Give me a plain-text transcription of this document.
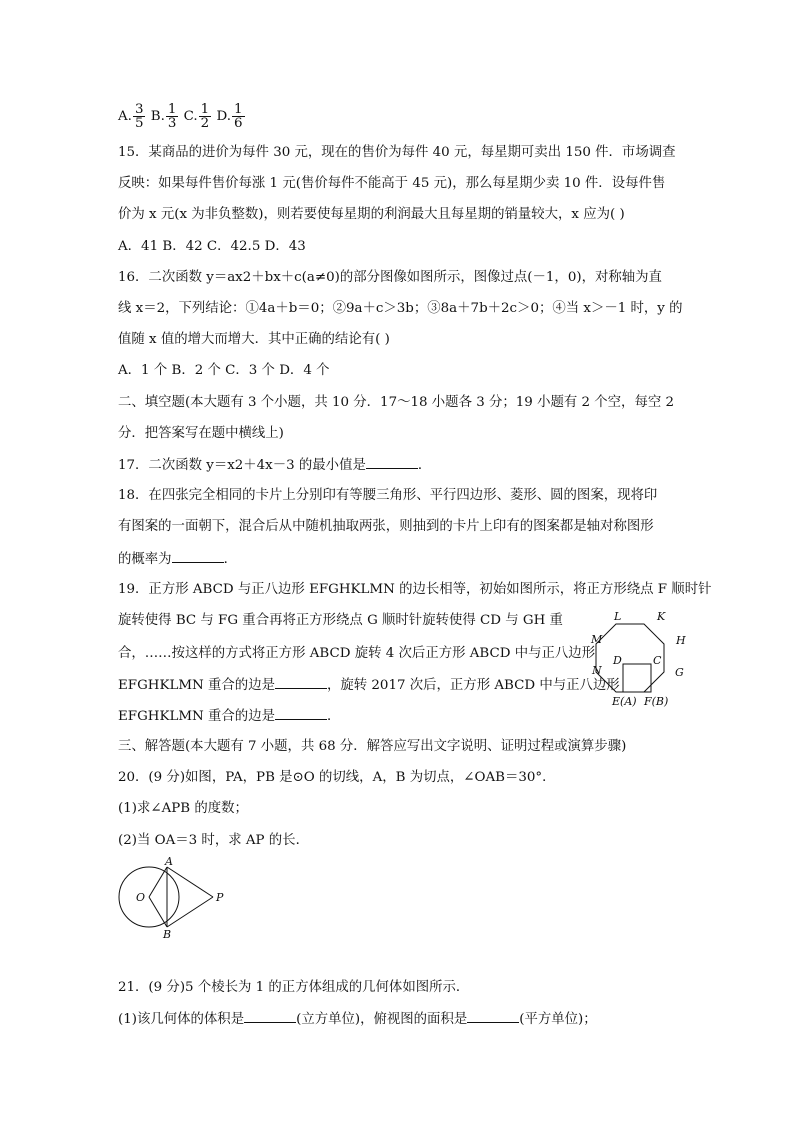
A. $\frac{3}{5} B$. $\frac{1}{3} C$. $\frac{1}{2} D$. $\frac{1}{6}$
15．某商品的进价为每件 30 元，现在的售价为每件 40 元，每星期可卖出 150 件．市场调查
反映：如果每件售价每涨 1 元(售价每件不能高于 45 元)，那么每星期少卖 10 件．设每件售
价为 x 元(x 为非负整数)，则若要使每星期的利润最大且每星期的销量较大，x 应为( )
A．41 B．42 C．42.5 D．43
16．二次函数 y＝ax2＋bx＋c(a≠0)的部分图像如图所示，图像过点(－1，0)，对称轴为直
线 x＝2，下列结论：①4a＋b＝0；②9a＋c＞3b；③8a＋7b＋2c＞0；④当 x＞－1 时，y 的
值随 x 值的增大而增大．其中正确的结论有( )
A．1 个 B．2 个 C．3 个 D．4 个
二、填空题(本大题有 3 个小题，共 10 分．17～18 小题各 3 分；19 小题有 2 个空，每空 2
分．把答案写在题中横线上)
17．二次函数 y＝x2＋4x－3 的最小值是	．
18．在四张完全相同的卡片上分别印有等腰三角形、平行四边形、菱形、圆的图案，现将印
有图案的一面朝下，混合后从中随机抽取两张，则抽到的卡片上印有的图案都是轴对称图形
的概率为	．
19．正方形 ABCD 与正八边形 EFGHKLMN 的边长相等，初始如图所示，将正方形绕点 F 顺时针
旋转使得 BC 与 FG 重合再将正方形绕点 G 顺时针旋转使得 CD 与 GH 重
合，……按这样的方式将正方形 ABCD 旋转 4 次后正方形 ABCD 中与正八边形
EFGHKLMN 重合的边是	，旋转 2017 次后，正方形 ABCD 中与正八边形
EFGHKLMN 重合的边是	．
L	K
M	H
N	G
D	C
E(A) F(B)
三、解答题(本大题有 7 小题，共 68 分．解答应写出文字说明、证明过程或演算步骤)
20．(9 分)如图，PA，PB 是⊙O 的切线，A，B 为切点，∠OAB＝30°．
(1)求∠APB 的度数；
(2)当 OA＝3 时，求 AP 的长．
A
O	P
B
21．(9 分)5 个棱长为 1 的正方体组成的几何体如图所示．
(1)该几何体的体积是	(立方单位)，俯视图的面积是	(平方单位)；
